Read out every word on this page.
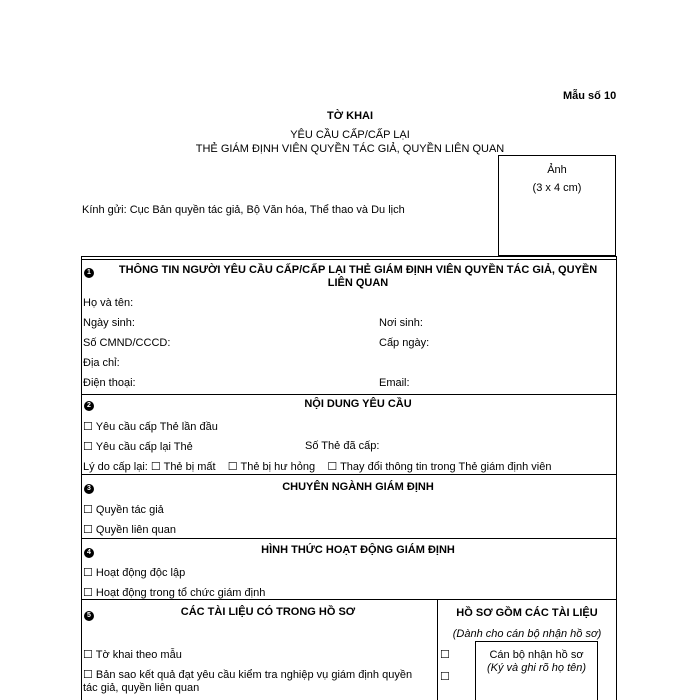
Mẫu số 10
TỜ KHAI
YÊU CẦU CẤP/CẤP LẠI
THẺ GIÁM ĐỊNH VIÊN QUYỀN TÁC GIẢ, QUYỀN LIÊN QUAN
Ảnh
(3 x 4 cm)
Kính gửi: Cục Bản quyền tác giả, Bộ Văn hóa, Thể thao và Du lịch
1	THÔNG TIN NGƯỜI YÊU CẦU CẤP/CẤP LẠI THẺ GIÁM ĐỊNH VIÊN QUYỀN TÁC GIẢ, QUYỀN
LIÊN QUAN
Họ và tên:
Ngày sinh:	Nơi sinh:
Số CMND/CCCD:	Cấp ngày:
Địa chỉ:
Điện thoại:	Email:
2	NỘI DUNG YÊU CẦU
☐ Yêu cầu cấp Thẻ lần đầu
☐ Yêu cầu cấp lại Thẻ	Số Thẻ đã cấp:
Lý do cấp lại: ☐ Thẻ bị mất    ☐ Thẻ bị hư hỏng    ☐ Thay đổi thông tin trong Thẻ giám định viên
3	CHUYÊN NGÀNH GIÁM ĐỊNH
☐ Quyền tác giả
☐ Quyền liên quan
4	HÌNH THỨC HOẠT ĐỘNG GIÁM ĐỊNH
☐ Hoạt động độc lập
☐ Hoạt động trong tổ chức giám định
5	CÁC TÀI LIỆU CÓ TRONG HỒ SƠ
☐ Tờ khai theo mẫu
☐ Bản sao kết quả đạt yêu cầu kiểm tra nghiệp vụ giám định quyền
tác giả, quyền liên quan
HỒ SƠ GỒM CÁC TÀI LIỆU
(Dành cho cán bộ nhận hồ sơ)
☐
☐
Cán bộ nhận hồ sơ
(Ký và ghi rõ họ tên)
